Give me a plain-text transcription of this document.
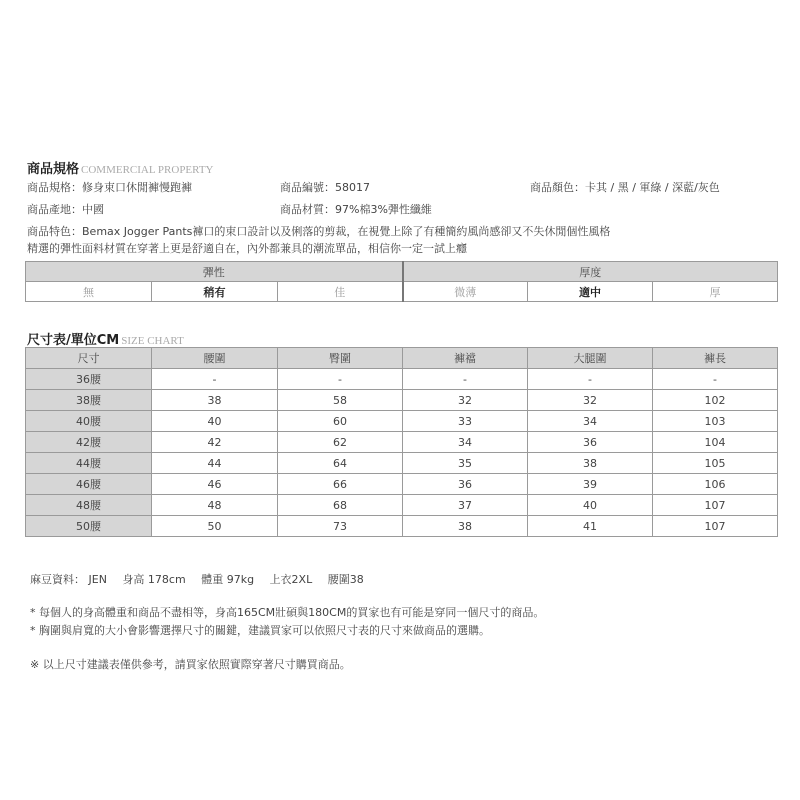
商品規格 COMMERCIAL PROPERTY
商品規格：修身束口休閒褲慢跑褲	商品編號：58017	商品顏色：卡其 / 黑 / 軍綠 / 深藍/灰色
商品產地：中國	商品材質：97%棉3%彈性纖維
商品特色：Bemax Jogger Pants褲口的束口設計以及俐落的剪裁，在視覺上除了有種簡約風尚感卻又不失休閒個性風格
精選的彈性面料材質在穿著上更是舒適自在，內外都兼具的潮流單品，相信你一定一試上癮
彈性			厚度		
無	稍有	佳	微薄	適中	厚
尺寸表/單位CM SIZE CHART
尺寸	腰圍	臀圍	褲襠	大腿圍	褲長
36腰	-	-	-	-	-
38腰	38	58	32	32	102
40腰	40	60	33	34	103
42腰	42	62	34	36	104
44腰	44	64	35	38	105
46腰	46	66	36	39	106
48腰	48	68	37	40	107
50腰	50	73	38	41	107
麻豆資料： JEN 身高 178cm 體重 97kg 上衣2XL 腰圍38
* 每個人的身高體重和商品不盡相等，身高165CM壯碩與180CM的買家也有可能是穿同一個尺寸的商品。
* 胸圍與肩寬的大小會影響選擇尺寸的關鍵，建議買家可以依照尺寸表的尺寸來做商品的選購。
※ 以上尺寸建議表僅供參考，請買家依照實際穿著尺寸購買商品。
